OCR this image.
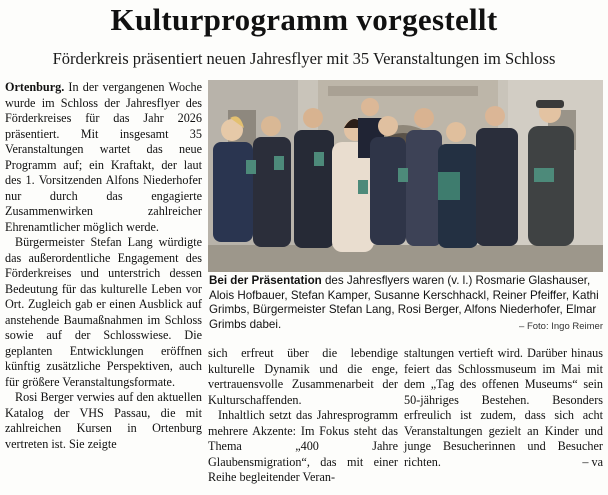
Kulturprogramm vorgestellt
Förderkreis präsentiert neuen Jahresflyer mit 35 Veranstaltungen im Schloss

Ortenburg. In der vergangenen Woche wurde im Schloss der Jahresflyer des Förderkreises für das Jahr 2026 präsentiert. Mit insgesamt 35 Veranstaltungen wartet das neue Programm auf; ein Kraftakt, der laut des 1. Vorsitzenden Alfons Niederhofer nur durch das engagierte Zusammenwirken zahlreicher Ehrenamtlicher möglich werde.

Bürgermeister Stefan Lang würdigte das außerordentliche Engagement des Förderkreises und unterstrich dessen Bedeutung für das kulturelle Leben vor Ort. Zugleich gab er einen Ausblick auf anstehende Baumaßnahmen im Schloss sowie auf der Schlosswiese. Die geplanten Entwicklungen eröffnen künftig zusätzliche Perspektiven, auch für größere Veranstaltungsformate.

Rosi Berger verwies auf den aktuellen Katalog der VHS Passau, die mit zahlreichen Kursen in Ortenburg vertreten ist. Sie zeigte

Bei der Präsentation des Jahresflyers waren (v. l.) Rosmarie Glashauser, Alois Hofbauer, Stefan Kamper, Susanne Kerschhackl, Reiner Pfeiffer, Kathi Grimbs, Bürgermeister Stefan Lang, Rosi Berger, Alfons Niederhofer, Elmar Grimbs dabei.	– Foto: Ingo Reimer

sich erfreut über die lebendige kulturelle Dynamik und die enge, vertrauensvolle Zusammenarbeit der Kulturschaffenden.

Inhaltlich setzt das Jahresprogramm mehrere Akzente: Im Fokus steht das Thema „400 Jahre Glaubensmigration“, das mit einer Reihe begleitender Veran-

staltungen vertieft wird. Darüber hinaus feiert das Schlossmuseum im Mai mit dem „Tag des offenen Museums“ sein 50-jähriges Bestehen. Besonders erfreulich ist zudem, dass sich acht Veranstaltungen gezielt an Kinder und junge Besucherinnen und Besucher richten.	– va
